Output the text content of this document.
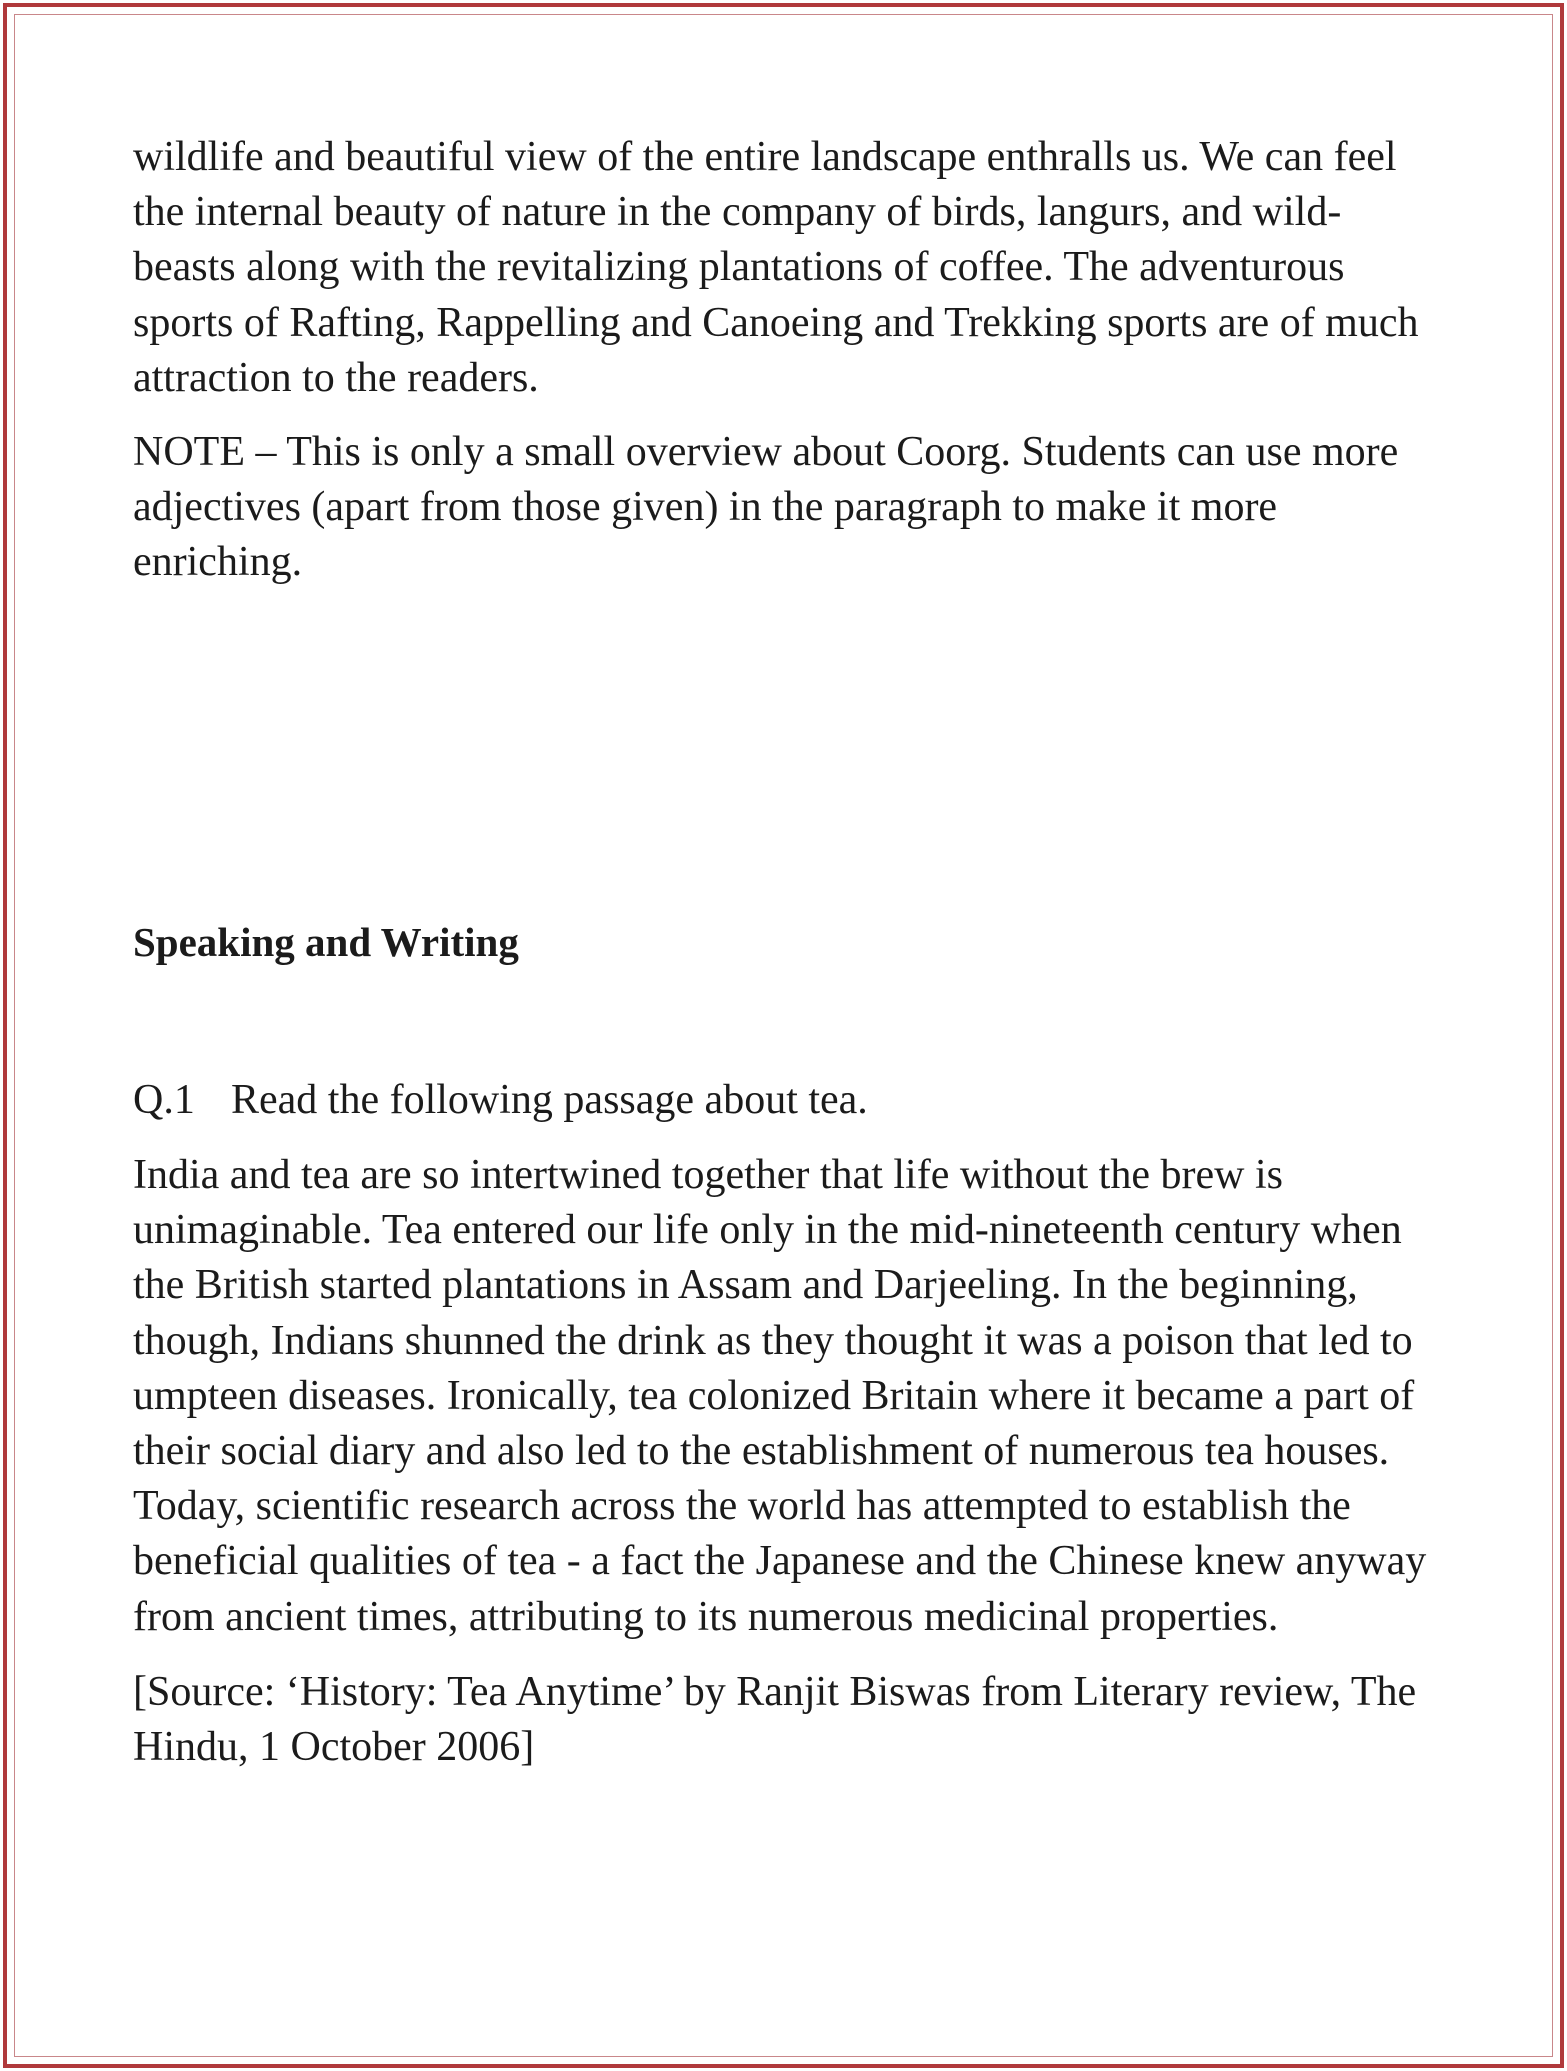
wildlife and beautiful view of the entire landscape enthralls us. We can feel the internal beauty of nature in the company of birds, langurs, and wild-beasts along with the revitalizing plantations of coffee. The adventurous sports of Rafting, Rappelling and Canoeing and Trekking sports are of much attraction to the readers.

NOTE – This is only a small overview about Coorg. Students can use more adjectives (apart from those given) in the paragraph to make it more enriching.

Speaking and Writing

Q.1 Read the following passage about tea.

India and tea are so intertwined together that life without the brew is unimaginable. Tea entered our life only in the mid-nineteenth century when the British started plantations in Assam and Darjeeling. In the beginning, though, Indians shunned the drink as they thought it was a poison that led to umpteen diseases. Ironically, tea colonized Britain where it became a part of their social diary and also led to the establishment of numerous tea houses. Today, scientific research across the world has attempted to establish the beneficial qualities of tea - a fact the Japanese and the Chinese knew anyway from ancient times, attributing to its numerous medicinal properties.

[Source: ‘History: Tea Anytime’ by Ranjit Biswas from Literary review, The Hindu, 1 October 2006]
